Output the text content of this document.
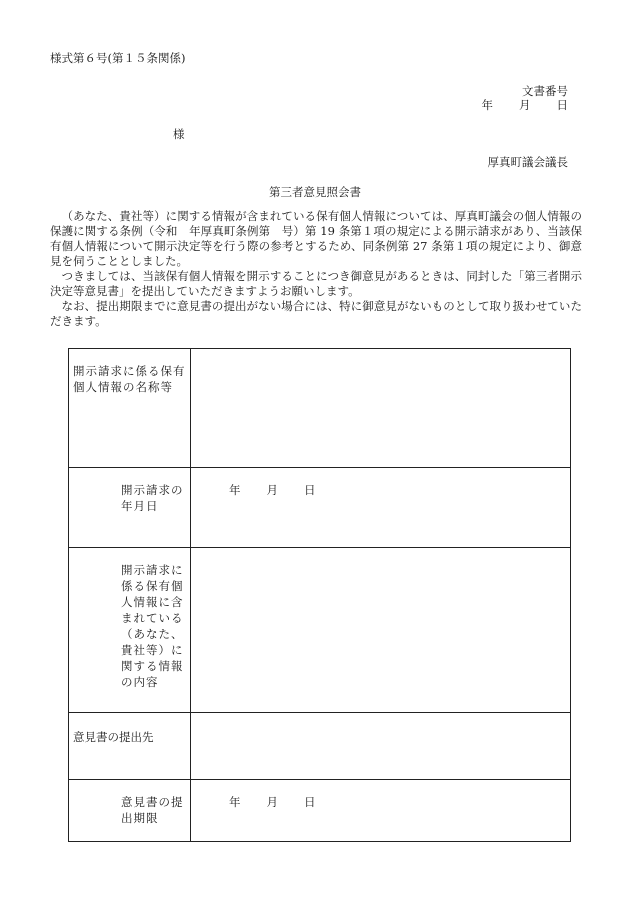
様式第６号(第１５条関係)
文書番号
年 月 日
様
厚真町議会議長
第三者意見照会書

（あなた、貴社等）に関する情報が含まれている保有個人情報については、厚真町議会の個人情報の保護に関する条例（令和　年厚真町条例第　号）第 19 条第１項の規定による開示請求があり、当該保有個人情報について開示決定等を行う際の参考とするため、同条例第 27 条第１項の規定により、御意見を伺うこととしました。

つきましては、当該保有個人情報を開示することにつき御意見があるときは、同封した「第三者開示決定等意見書」を提出していただきますようお願いします。

なお、提出期限までに意見書の提出がない場合には、特に御意見がないものとして取り扱わせていただきます。

開示請求に係る保有個人情報の名称等
開示請求の
年月日
年 月 日
開示請求に
係る保有個
人情報に含
まれている
（あなた、
貴社等）に
関する情報
の内容
意見書の提出先
意見書の提
出期限
年 月 日
